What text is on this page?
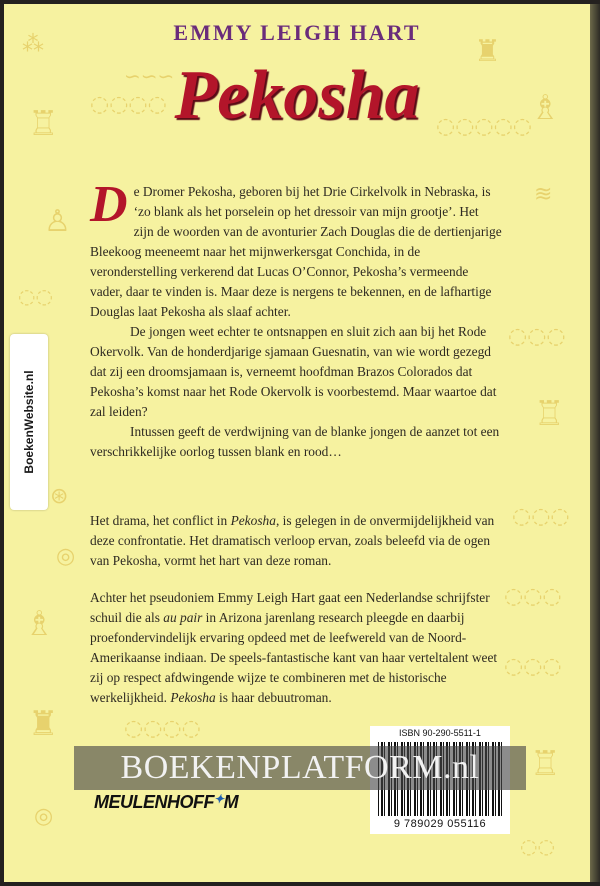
⁂
∽∽∽
♖ ◌◌◌◌
♜
◌◌◌◌◌
♗
≋
♙
◌◌
◌◌◌
♖
⊛
◎
◌◌◌
◌◌◌
♗
◌◌◌
♜	◌◌◌◌
♖
◎
◌◌
EMMY LEIGH HART
Pekosha

De Dromer Pekosha, geboren bij het Drie Cirkelvolk in Nebraska, is ‘zo blank als het porselein op het dressoir van mijn grootje’. Het zijn de woorden van de avonturier Zach Douglas die de dertienjarige Bleekoog meeneemt naar het mijnwerkersgat Conchida, in de veronderstelling verkerend dat Lucas O’Connor, Pekosha’s vermeende vader, daar te vinden is. Maar deze is nergens te bekennen, en de lafhartige Douglas laat Pekosha als slaaf achter.

De jongen weet echter te ontsnappen en sluit zich aan bij het Rode Okervolk. Van de honderdjarige sjamaan Guesnatin, van wie wordt gezegd dat zij een droomsjamaan is, verneemt hoofdman Brazos Colorados dat Pekosha’s komst naar het Rode Okervolk is voorbestemd. Maar waartoe dat zal leiden?

Intussen geeft de verdwijning van de blanke jongen de aanzet tot een verschrikkelijke oorlog tussen blank en rood…

Het drama, het conflict in Pekosha, is gelegen in de onvermijdelijkheid van deze confrontatie. Het dramatisch verloop ervan, zoals beleefd via de ogen van Pekosha, vormt het hart van deze roman.

Achter het pseudoniem Emmy Leigh Hart gaat een Nederlandse schrijfster schuil die als au pair in Arizona jarenlang research pleegde en daarbij proefondervindelijk ervaring opdeed met de leefwereld van de Noord-Amerikaanse indiaan. De speels-fantastische kant van haar verteltalent weet zij op respect afdwingende wijze te combineren met de historische werkelijkheid. Pekosha is haar debuutroman.

BoekenWebsite.nl
ISBN 90-290-5511-1
9 789029 055116
BOEKENPLATFORM.nl
MEULENHOFF✦M
